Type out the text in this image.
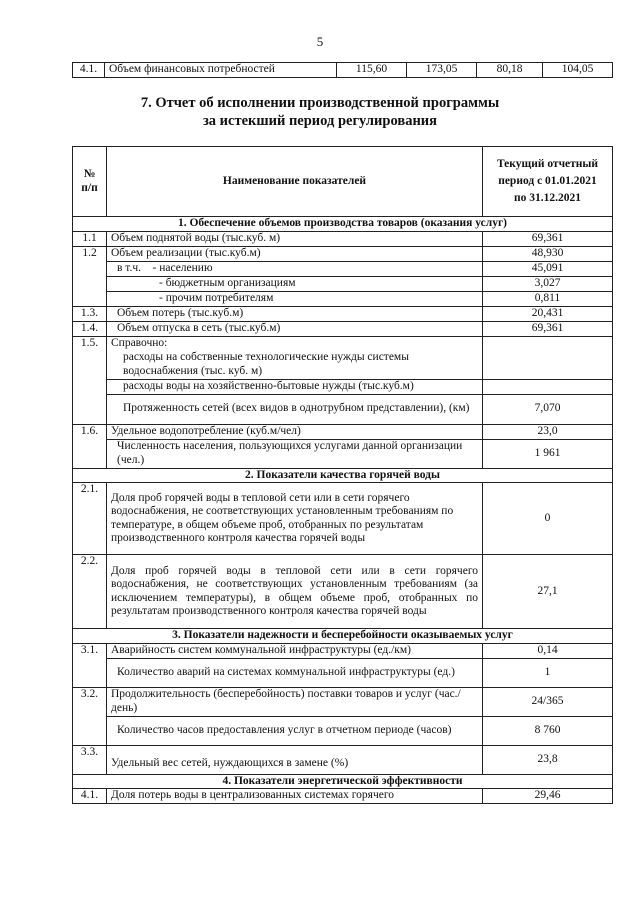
5
4.1.	Объем финансовых потребностей	115,60	173,05	80,18	104,05
7. Отчет об исполнении производственной программы
за истекший период регулирования
№ п/п	Наименование показателей	Текущий отчетный период с 01.01.2021 по 31.12.2021
1. Обеспечение объемов производства товаров (оказания услуг)		
1.1	Объем поднятой воды (тыс.куб. м)	69,361
1.2	Объем реализации (тыс.куб.м)	48,930
	в т.ч. - населению	45,091
	- бюджетным организациям	3,027
	- прочим потребителям	0,811
1.3.	Объем потерь (тыс.куб.м)	20,431
1.4.	Объем отпуска в сеть (тыс.куб.м)	69,361
1.5.	Справочно:	
	расходы на собственные технологические нужды системы водоснабжения (тыс. куб. м)	
	расходы воды на хозяйственно-бытовые нужды (тыс.куб.м)	
	Протяженность сетей (всех видов в однотрубном представлении), (км)	7,070
1.6.	Удельное водопотребление (куб.м/чел)	23,0
	Численность населения, пользующихся услугами данной организации (чел.)	1 961
2. Показатели качества горячей воды		
2.1.	Доля проб горячей воды в тепловой сети или в сети горячего водоснабжения, не соответствующих установленным требованиям по температуре, в общем объеме проб, отобранных по результатам производственного контроля качества горячей воды	0
2.2.	Доля проб горячей воды в тепловой сети или в сети горячего водоснабжения, не соответствующих установленным требованиям (за исключением температуры), в общем объеме проб, отобранных по результатам производственного контроля качества горячей воды	27,1
3. Показатели надежности и бесперебойности оказываемых услуг		
3.1.	Аварийность систем коммунальной инфраструктуры (ед./км)	0,14
	Количество аварий на системах коммунальной инфраструктуры (ед.)	1
3.2.	Продолжительность (бесперебойность) поставки товаров и услуг (час./день)	24/365
	Количество часов предоставления услуг в отчетном периоде (часов)	8 760
3.3.	Удельный вес сетей, нуждающихся в замене (%)	23,8
4. Показатели энергетической эффективности		
4.1.	Доля потерь воды в централизованных системах горячего	29,46
